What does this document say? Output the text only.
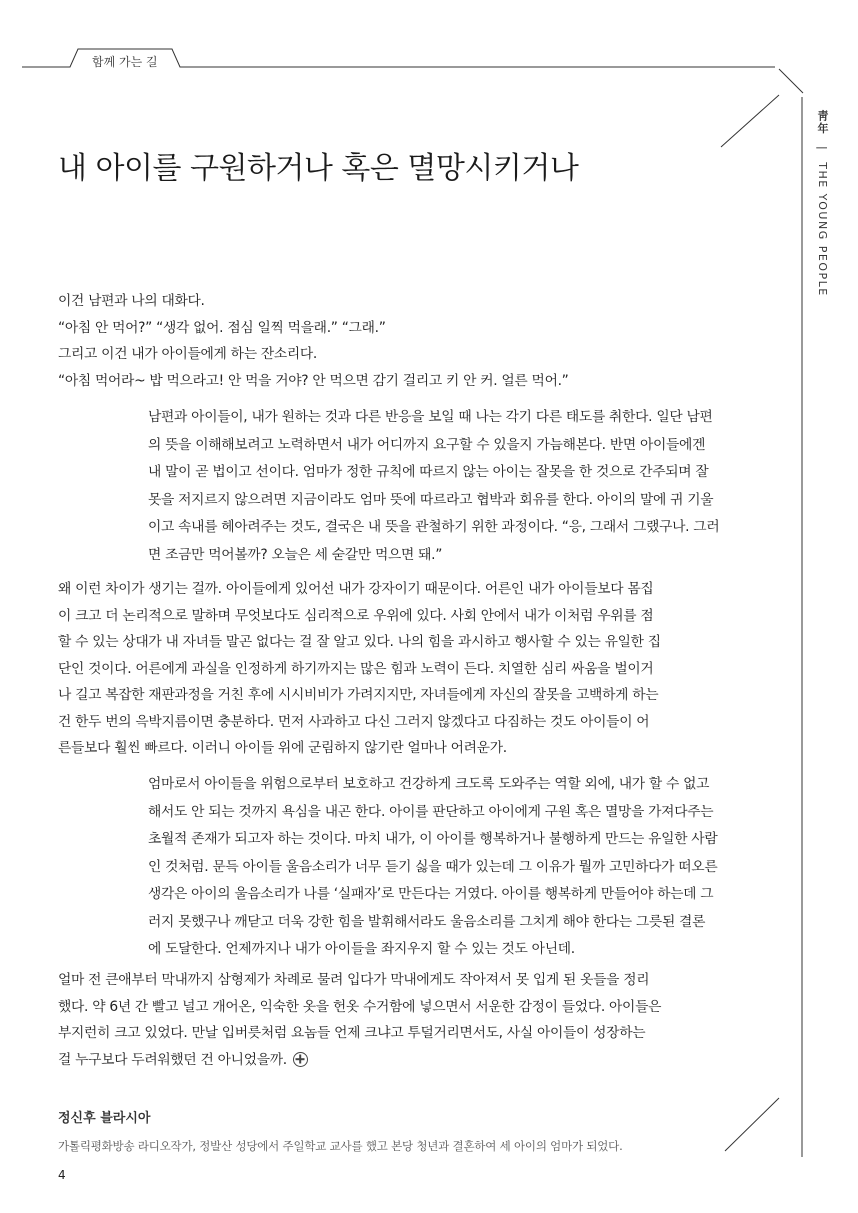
함께 가는 길
靑年 | THE YOUNG PEOPLE
내 아이를 구원하거나 혹은 멸망시키거나
이건 남편과 나의 대화다.
“아침 안 먹어?” “생각 없어. 점심 일찍 먹을래.” “그래.”
그리고 이건 내가 아이들에게 하는 잔소리다.
“아침 먹어라~ 밥 먹으라고! 안 먹을 거야? 안 먹으면 감기 걸리고 키 안 커. 얼른 먹어.”
남편과 아이들이, 내가 원하는 것과 다른 반응을 보일 때 나는 각기 다른 태도를 취한다. 일단 남편
의 뜻을 이해해보려고 노력하면서 내가 어디까지 요구할 수 있을지 가늠해본다. 반면 아이들에겐
내 말이 곧 법이고 선이다. 엄마가 정한 규칙에 따르지 않는 아이는 잘못을 한 것으로 간주되며 잘
못을 저지르지 않으려면 지금이라도 엄마 뜻에 따르라고 협박과 회유를 한다. 아이의 말에 귀 기울
이고 속내를 헤아려주는 것도, 결국은 내 뜻을 관철하기 위한 과정이다. “응, 그래서 그랬구나. 그러
면 조금만 먹어볼까? 오늘은 세 숟갈만 먹으면 돼.”
왜 이런 차이가 생기는 걸까. 아이들에게 있어선 내가 강자이기 때문이다. 어른인 내가 아이들보다 몸집
이 크고 더 논리적으로 말하며 무엇보다도 심리적으로 우위에 있다. 사회 안에서 내가 이처럼 우위를 점
할 수 있는 상대가 내 자녀들 말곤 없다는 걸 잘 알고 있다. 나의 힘을 과시하고 행사할 수 있는 유일한 집
단인 것이다. 어른에게 과실을 인정하게 하기까지는 많은 힘과 노력이 든다. 치열한 심리 싸움을 벌이거
나 길고 복잡한 재판과정을 거친 후에 시시비비가 가려지지만, 자녀들에게 자신의 잘못을 고백하게 하는
건 한두 번의 윽박지름이면 충분하다. 먼저 사과하고 다신 그러지 않겠다고 다짐하는 것도 아이들이 어
른들보다 훨씬 빠르다. 이러니 아이들 위에 군림하지 않기란 얼마나 어려운가.
엄마로서 아이들을 위험으로부터 보호하고 건강하게 크도록 도와주는 역할 외에, 내가 할 수 없고
해서도 안 되는 것까지 욕심을 내곤 한다. 아이를 판단하고 아이에게 구원 혹은 멸망을 가져다주는
초월적 존재가 되고자 하는 것이다. 마치 내가, 이 아이를 행복하거나 불행하게 만드는 유일한 사람
인 것처럼. 문득 아이들 울음소리가 너무 듣기 싫을 때가 있는데 그 이유가 뭘까 고민하다가 떠오른
생각은 아이의 울음소리가 나를 ‘실패자’로 만든다는 거였다. 아이를 행복하게 만들어야 하는데 그
러지 못했구나 깨닫고 더욱 강한 힘을 발휘해서라도 울음소리를 그치게 해야 한다는 그릇된 결론
에 도달한다. 언제까지나 내가 아이들을 좌지우지 할 수 있는 것도 아닌데.
얼마 전 큰애부터 막내까지 삼형제가 차례로 물려 입다가 막내에게도 작아져서 못 입게 된 옷들을 정리
했다. 약 6년 간 빨고 널고 개어온, 익숙한 옷을 헌옷 수거함에 넣으면서 서운한 감정이 들었다. 아이들은
부지런히 크고 있었다. 만날 입버릇처럼 요놈들 언제 크냐고 투덜거리면서도, 사실 아이들이 성장하는
걸 누구보다 두려워했던 건 아니었을까.
정신후 블라시아
가톨릭평화방송 라디오작가, 정발산 성당에서 주일학교 교사를 했고 본당 청년과 결혼하여 세 아이의 엄마가 되었다.
4
